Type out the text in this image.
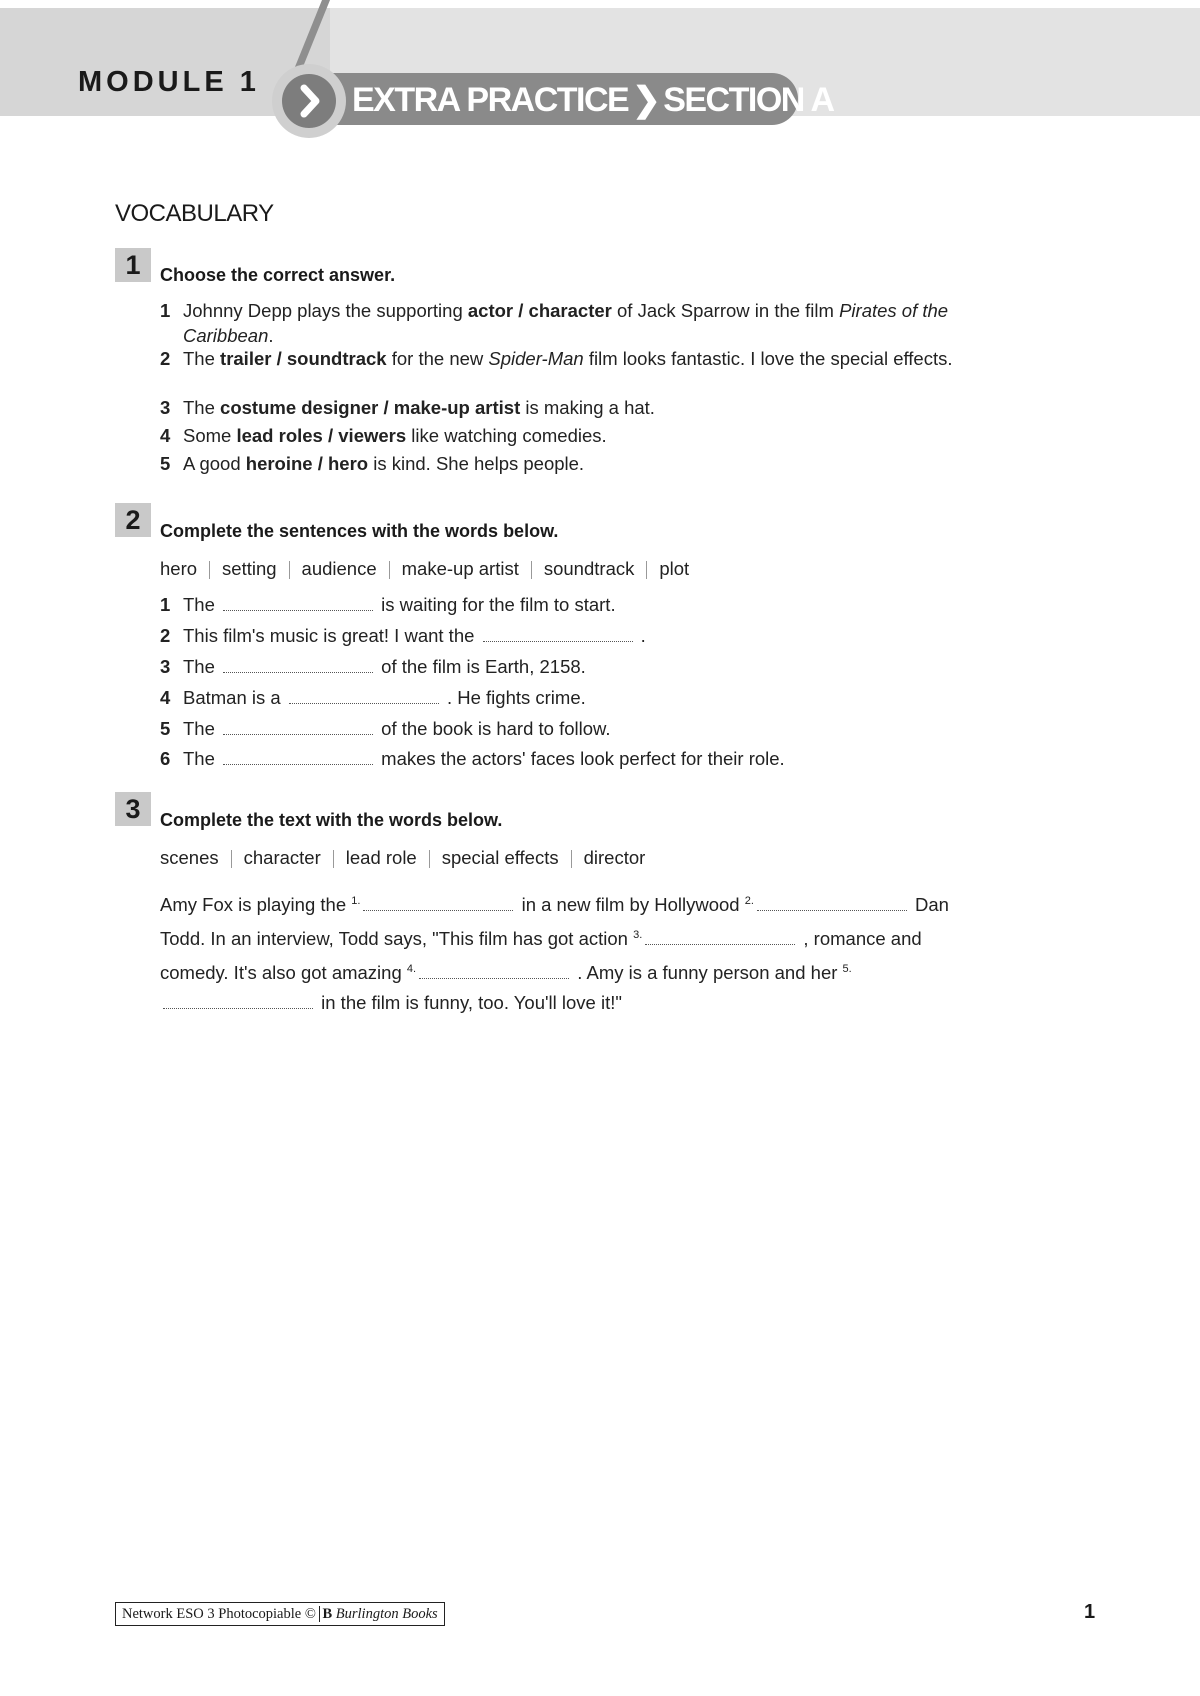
MODULE 1	EXTRA PRACTICE ❯ SECTION A
VOCABULARY
1	Choose the correct answer.
1 Johnny Depp plays the supporting actor / character of Jack Sparrow in the film Pirates of the Caribbean.
2 The trailer / soundtrack for the new Spider-Man film looks fantastic. I love the special effects.
3 The costume designer / make-up artist is making a hat.
4 Some lead roles / viewers like watching comedies.
5 A good heroine / hero is kind. She helps people.
2	Complete the sentences with the words below.
hero setting audience make-up artist soundtrack plot
1 The	is waiting for the film to start.
2 This film's music is great! I want the	.
3 The	of the film is Earth, 2158.
4 Batman is a	. He fights crime.
5 The	of the book is hard to follow.
6 The	makes the actors' faces look perfect for their role.
3	Complete the text with the words below.
scenes character lead role special effects director
Amy Fox is playing the $^{1.}$	in a new film by Hollywood $^{2.}$	Dan Todd. In an interview, Todd says, "This film has got action $^{3.}$	, romance and comedy. It's also got amazing $^{4.}$	. Amy is a funny person and her $^{5.}$ in the film is funny, too. You'll love it!"
Network ESO 3 Photocopiable © B Burlington Books	1
